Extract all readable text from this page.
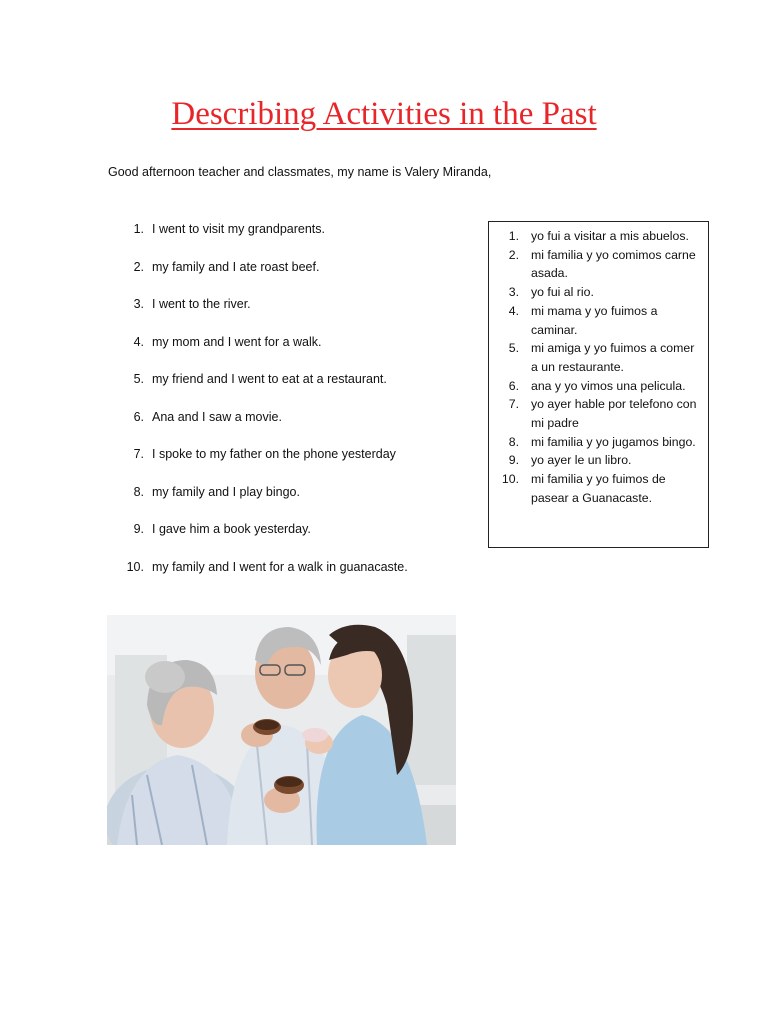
Describing Activities in the Past

Good afternoon teacher and classmates, my name is Valery Miranda,

1. I went to visit my grandparents.
2. my family and I ate roast beef.
3. I went to the river.
4. my mom and I went for a walk.
5. my friend and I went to eat at a restaurant.
6. Ana and I saw a movie.
7. I spoke to my father on the phone yesterday
8. my family and I play bingo.
9. I gave him a book yesterday.
10. my family and I went for a walk in guanacaste.
1. yo fui a visitar a mis abuelos.
2. mi familia y yo comimos carne asada.
3. yo fui al rio.
4. mi mama y yo fuimos a caminar.
5. mi amiga y yo fuimos a comer a un restaurante.
6. ana y yo vimos una pelicula.
7. yo ayer hable por telefono con mi padre
8. mi familia y yo jugamos bingo.
9. yo ayer le un libro.
10. mi familia y yo fuimos de pasear a Guanacaste.
